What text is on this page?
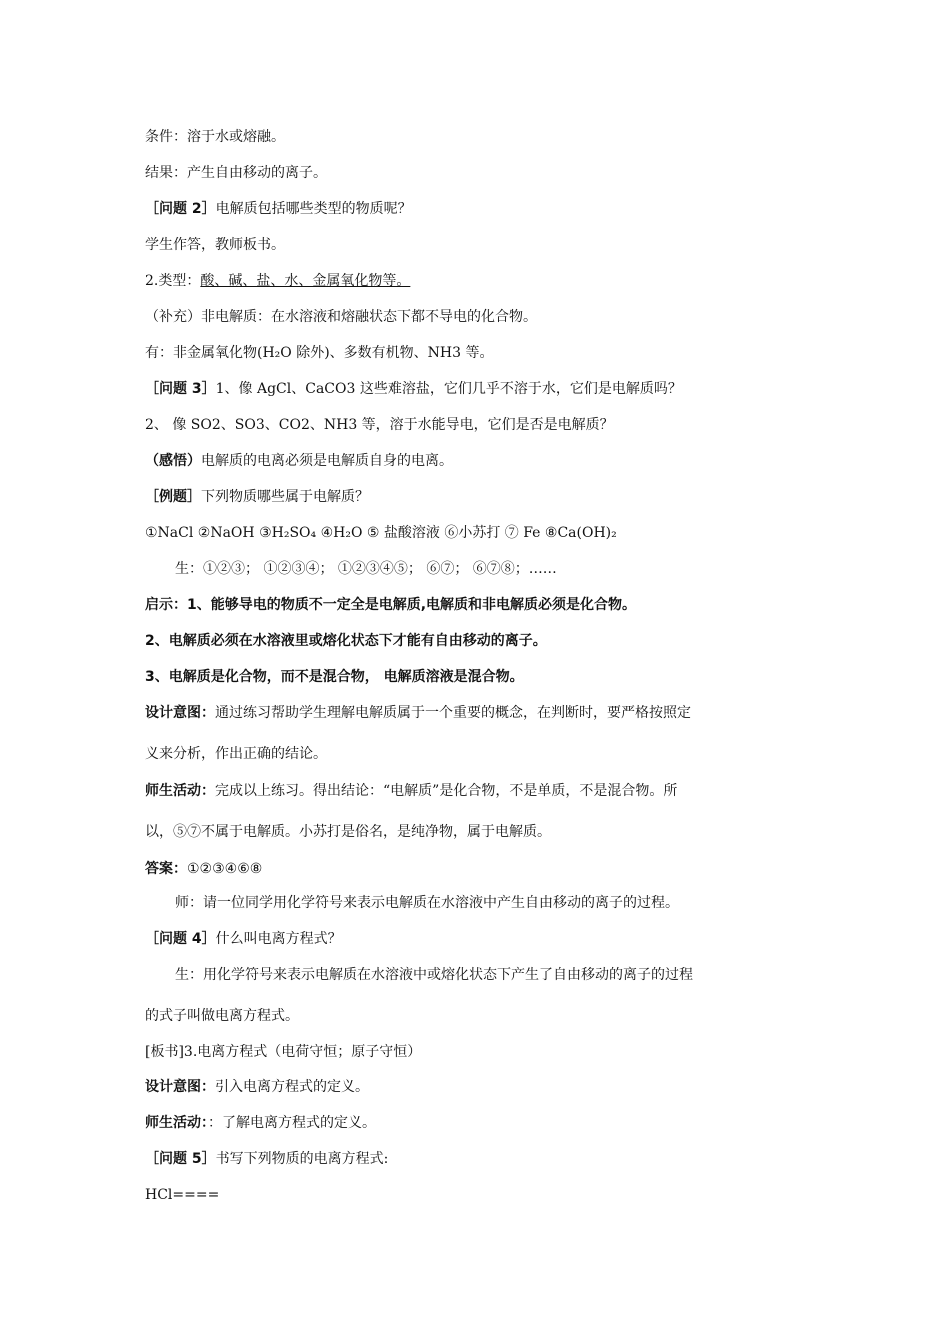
条件：溶于水或熔融。
结果：产生自由移动的离子。
［问题 2］电解质包括哪些类型的物质呢？
学生作答，教师板书。
2.类型：酸、碱、盐、水、金属氧化物等。
（补充）非电解质：在水溶液和熔融状态下都不导电的化合物。
有：非金属氧化物(H₂O 除外)、多数有机物、NH3 等。
［问题 3］1、像 AgCl、CaCO3 这些难溶盐，它们几乎不溶于水，它们是电解质吗？
2、 像 SO2、SO3、CO2、NH3 等，溶于水能导电，它们是否是电解质？
（感悟）电解质的电离必须是电解质自身的电离。
［例题］下列物质哪些属于电解质？
①NaCl ②NaOH ③H₂SO₄ ④H₂O ⑤ 盐酸溶液 ⑥小苏打 ⑦ Fe ⑧Ca(OH)₂
生：①②③； ①②③④； ①②③④⑤； ⑥⑦； ⑥⑦⑧；……
启示：1、能够导电的物质不一定全是电解质,电解质和非电解质必须是化合物。
2、电解质必须在水溶液里或熔化状态下才能有自由移动的离子。
3、电解质是化合物，而不是混合物， 电解质溶液是混合物。
设计意图：通过练习帮助学生理解电解质属于一个重要的概念，在判断时，要严格按照定
义来分析，作出正确的结论。
师生活动：完成以上练习。得出结论：“电解质”是化合物，不是单质，不是混合物。所
以，⑤⑦不属于电解质。小苏打是俗名，是纯净物，属于电解质。
答案：①②③④⑥⑧
师：请一位同学用化学符号来表示电解质在水溶液中产生自由移动的离子的过程。
［问题 4］什么叫电离方程式？
生：用化学符号来表示电解质在水溶液中或熔化状态下产生了自由移动的离子的过程
的式子叫做电离方程式。
[板书]3.电离方程式（电荷守恒；原子守恒）
设计意图：引入电离方程式的定义。
师生活动：：了解电离方程式的定义。
［问题 5］书写下列物质的电离方程式:
HCl====
